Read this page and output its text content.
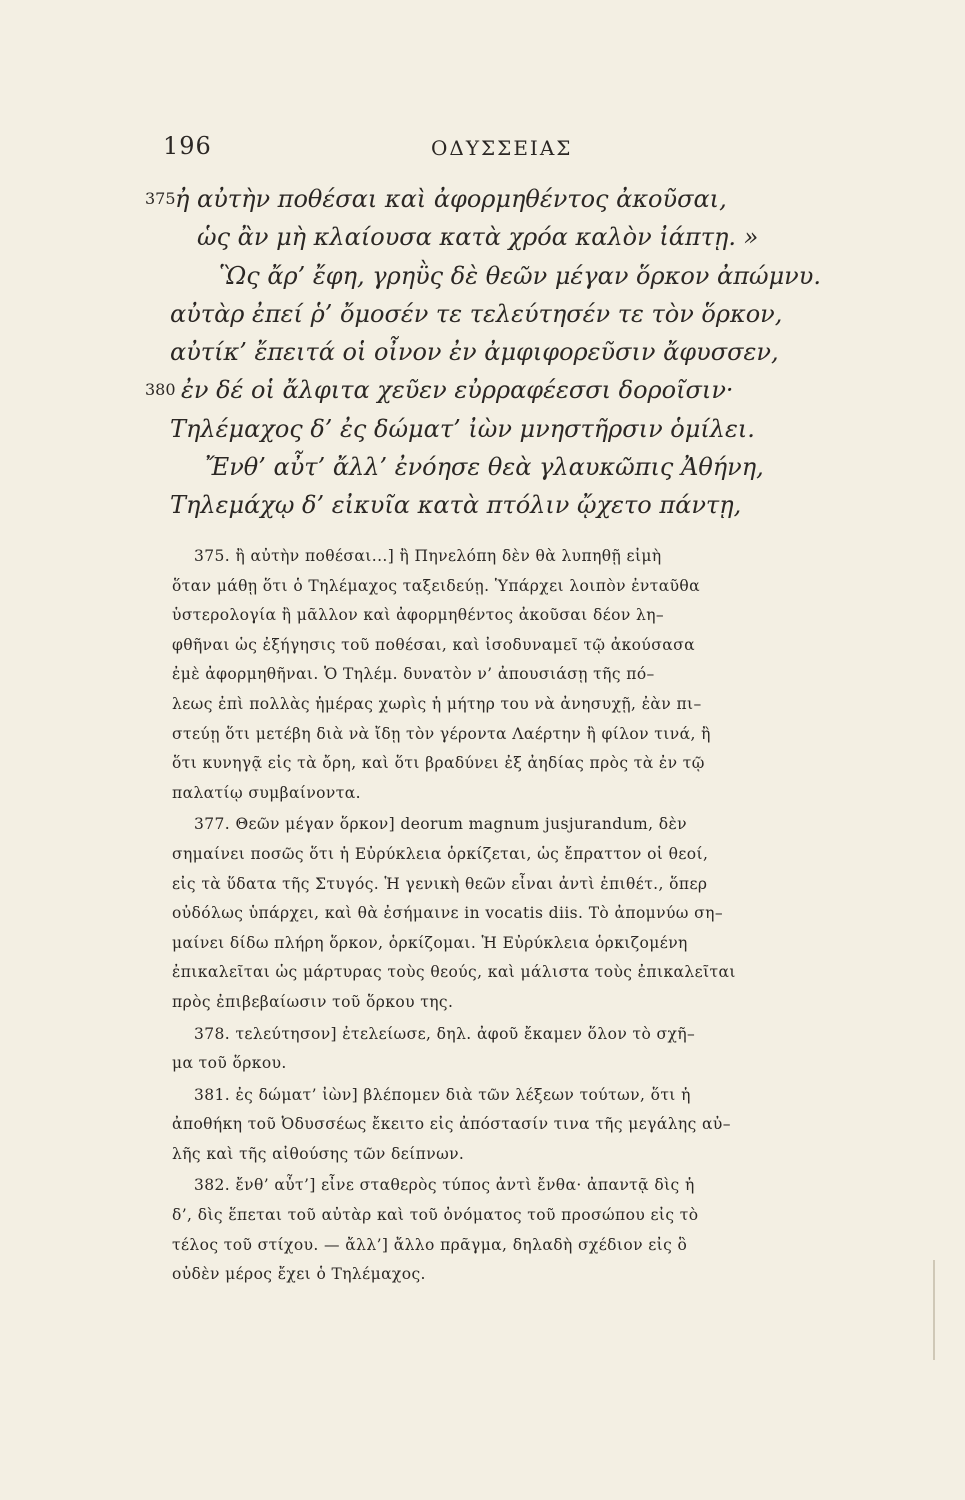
196	ΟΔΥΣΣΕΙΑΣ
375 ἠ αὐτὴν ποθέσαι καὶ ἀφορμηθέντος ἀκοῦσαι,
ὡς ἂν μὴ κλαίουσα κατὰ χρόα καλὸν ἰάπτῃ. »
Ὣς ἄρ’ ἔφη, γρηῢς δὲ θεῶν μέγαν ὅρκον ἀπώμνυ.
αὐτὰρ ἐπεί ῥ’ ὄμοσέν τε τελεύτησέν τε τὸν ὅρκον,
αὐτίκ’ ἔπειτά οἱ οἶνον ἐν ἀμφιφορεῦσιν ἄφυσσεν,
380 ἐν δέ οἱ ἄλφιτα χεῦεν εὐρραφέεσσι δοροῖσιν·
Τηλέμαχος δ’ ἐς δώματ’ ἰὼν μνηστῆρσιν ὁμίλει.
Ἔνθ’ αὖτ’ ἄλλ’ ἐνόησε θεὰ γλαυκῶπις Ἀθήνη,
Τηλεμάχῳ δ’ εἰκυῖα κατὰ πτόλιν ᾤχετο πάντῃ,
375. ἢ αὐτὴν ποθέσαι...] ἢ Πηνελόπη δὲν θὰ λυπηθῇ εἰμὴ
ὅταν μάθῃ ὅτι ὁ Τηλέμαχος ταξειδεύῃ. Ὑπάρχει λοιπὸν ἐνταῦθα
ὑστερολογία ἢ μᾶλλον καὶ ἀφορμηθέντος ἀκοῦσαι δέον λη–
φθῆναι ὡς ἐξήγησις τοῦ ποθέσαι, καὶ ἰσοδυναμεῖ τῷ ἀκούσασα
ἐμὲ ἀφορμηθῆναι. Ὁ Τηλέμ. δυνατὸν ν’ ἀπουσιάσῃ τῆς πό–
λεως ἐπὶ πολλὰς ἡμέρας χωρὶς ἡ μήτηρ του νὰ ἀνησυχῇ, ἐὰν πι–
στεύῃ ὅτι μετέβη διὰ νὰ ἴδῃ τὸν γέροντα Λαέρτην ἢ φίλον τινά, ἢ
ὅτι κυνηγᾷ εἰς τὰ ὄρη, καὶ ὅτι βραδύνει ἐξ ἀηδίας πρὸς τὰ ἐν τῷ
παλατίῳ συμβαίνοντα.
377. Θεῶν μέγαν ὅρκον] deorum magnum jusjurandum, δὲν
σημαίνει ποσῶς ὅτι ἡ Εὐρύκλεια ὁρκίζεται, ὡς ἔπραττον οἱ θεοί,
εἰς τὰ ὕδατα τῆς Στυγός. Ἡ γενικὴ θεῶν εἶναι ἀντὶ ἐπιθέτ., ὅπερ
οὐδόλως ὑπάρχει, καὶ θὰ ἐσήμαινε in vocatis diis. Τὸ ἀπομνύω ση–
μαίνει δίδω πλήρη ὅρκον, ὁρκίζομαι. Ἡ Εὐρύκλεια ὁρκιζομένη
ἐπικαλεῖται ὡς μάρτυρας τοὺς θεούς, καὶ μάλιστα τοὺς ἐπικαλεῖται
πρὸς ἐπιβεβαίωσιν τοῦ ὅρκου της.
378. τελεύτησον] ἐτελείωσε, δηλ. ἀφοῦ ἔκαμεν ὅλον τὸ σχῆ–
μα τοῦ ὅρκου.
381. ἐς δώματ’ ἰὼν] βλέπομεν διὰ τῶν λέξεων τούτων, ὅτι ἡ
ἀποθήκη τοῦ Ὀδυσσέως ἔκειτο εἰς ἀπόστασίν τινα τῆς μεγάλης αὐ–
λῆς καὶ τῆς αἰθούσης τῶν δείπνων.
382. ἔνθ’ αὖτ’] εἶνε σταθερὸς τύπος ἀντὶ ἔνθα· ἀπαντᾷ δὶς ἡ
δ’, δὶς ἕπεται τοῦ αὐτὰρ καὶ τοῦ ὀνόματος τοῦ προσώπου εἰς τὸ
τέλος τοῦ στίχου. — ἄλλ’] ἄλλο πρᾶγμα, δηλαδὴ σχέδιον εἰς ὃ
οὐδὲν μέρος ἔχει ὁ Τηλέμαχος.
